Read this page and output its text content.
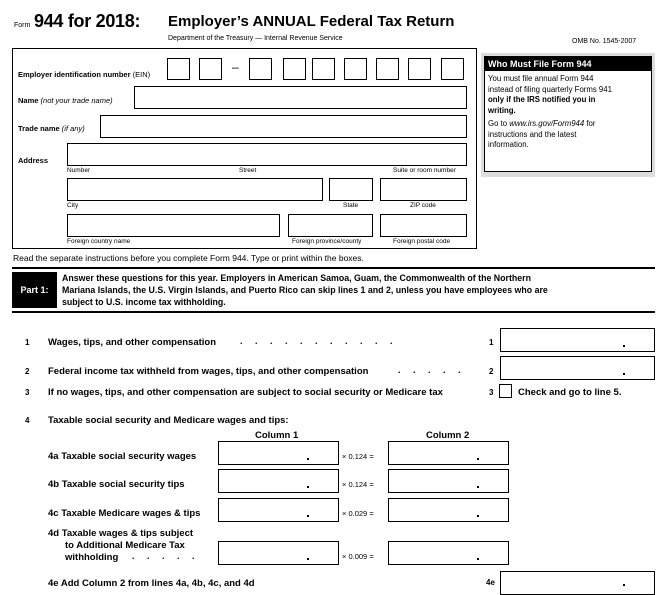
Form 944 for 2018: Employer’s ANNUAL Federal Tax Return
Department of the Treasury — Internal Revenue Service	OMB No. 1545-2007
Employer identification number (EIN)
–
Name (not your trade name)
Trade name (if any)
Address
Number	Street	Suite or room number
City	State	ZIP code
Foreign country name	Foreign province/county	Foreign postal code
Who Must File Form 944
You must file annual Form 944
instead of filing quarterly Forms 941
only if the IRS notified you in
writing.
Go to www.irs.gov/Form944 for
instructions and the latest
information.
Read the separate instructions before you complete Form 944. Type or print within the boxes.
Part 1:
Answer these questions for this year. Employers in American Samoa, Guam, the Commonwealth of the Northern
Mariana Islands, the U.S. Virgin Islands, and Puerto Rico can skip lines 1 and 2, unless you have employees who are
subject to U.S. income tax withholding.
1 Wages, tips, and other compensation	. . . . . . . . . . .	1
2 Federal income tax withheld from wages, tips, and other compensation	. . . . .	2
3 If no wages, tips, and other compensation are subject to social security or Medicare tax	3	Check and go to line 5.
4 Taxable social security and Medicare wages and tips:
Column 1	Column 2
4a Taxable social security wages	× 0.124 =
4b Taxable social security tips	× 0.124 =
4c Taxable Medicare wages & tips	× 0.029 =
4d Taxable wages & tips subject
to Additional Medicare Tax
withholding . . . . .	× 0.009 =
4e Add Column 2 from lines 4a, 4b, 4c, and 4d	4e
